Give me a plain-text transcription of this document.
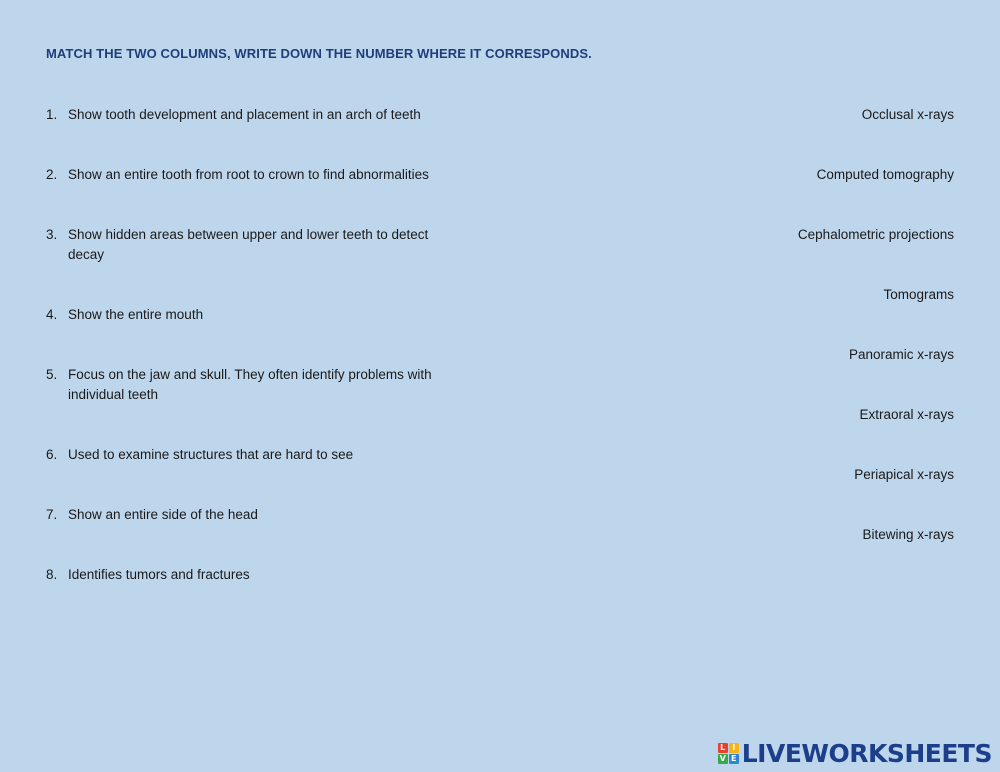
MATCH THE TWO COLUMNS, WRITE DOWN THE NUMBER WHERE IT CORRESPONDS.
1. Show tooth development and placement in an arch of teeth
2. Show an entire tooth from root to crown to find abnormalities
3. Show hidden areas between upper and lower teeth to detect decay
4. Show the entire mouth
5. Focus on the jaw and skull. They often identify problems with individual teeth
6. Used to examine structures that are hard to see
7. Show an entire side of the head
8. Identifies tumors and fractures
Occlusal x-rays
Computed tomography
Cephalometric projections
Tomograms
Panoramic x-rays
Extraoral x-rays
Periapical x-rays
Bitewing x-rays
L I
V E LIVEWORKSHEETS
